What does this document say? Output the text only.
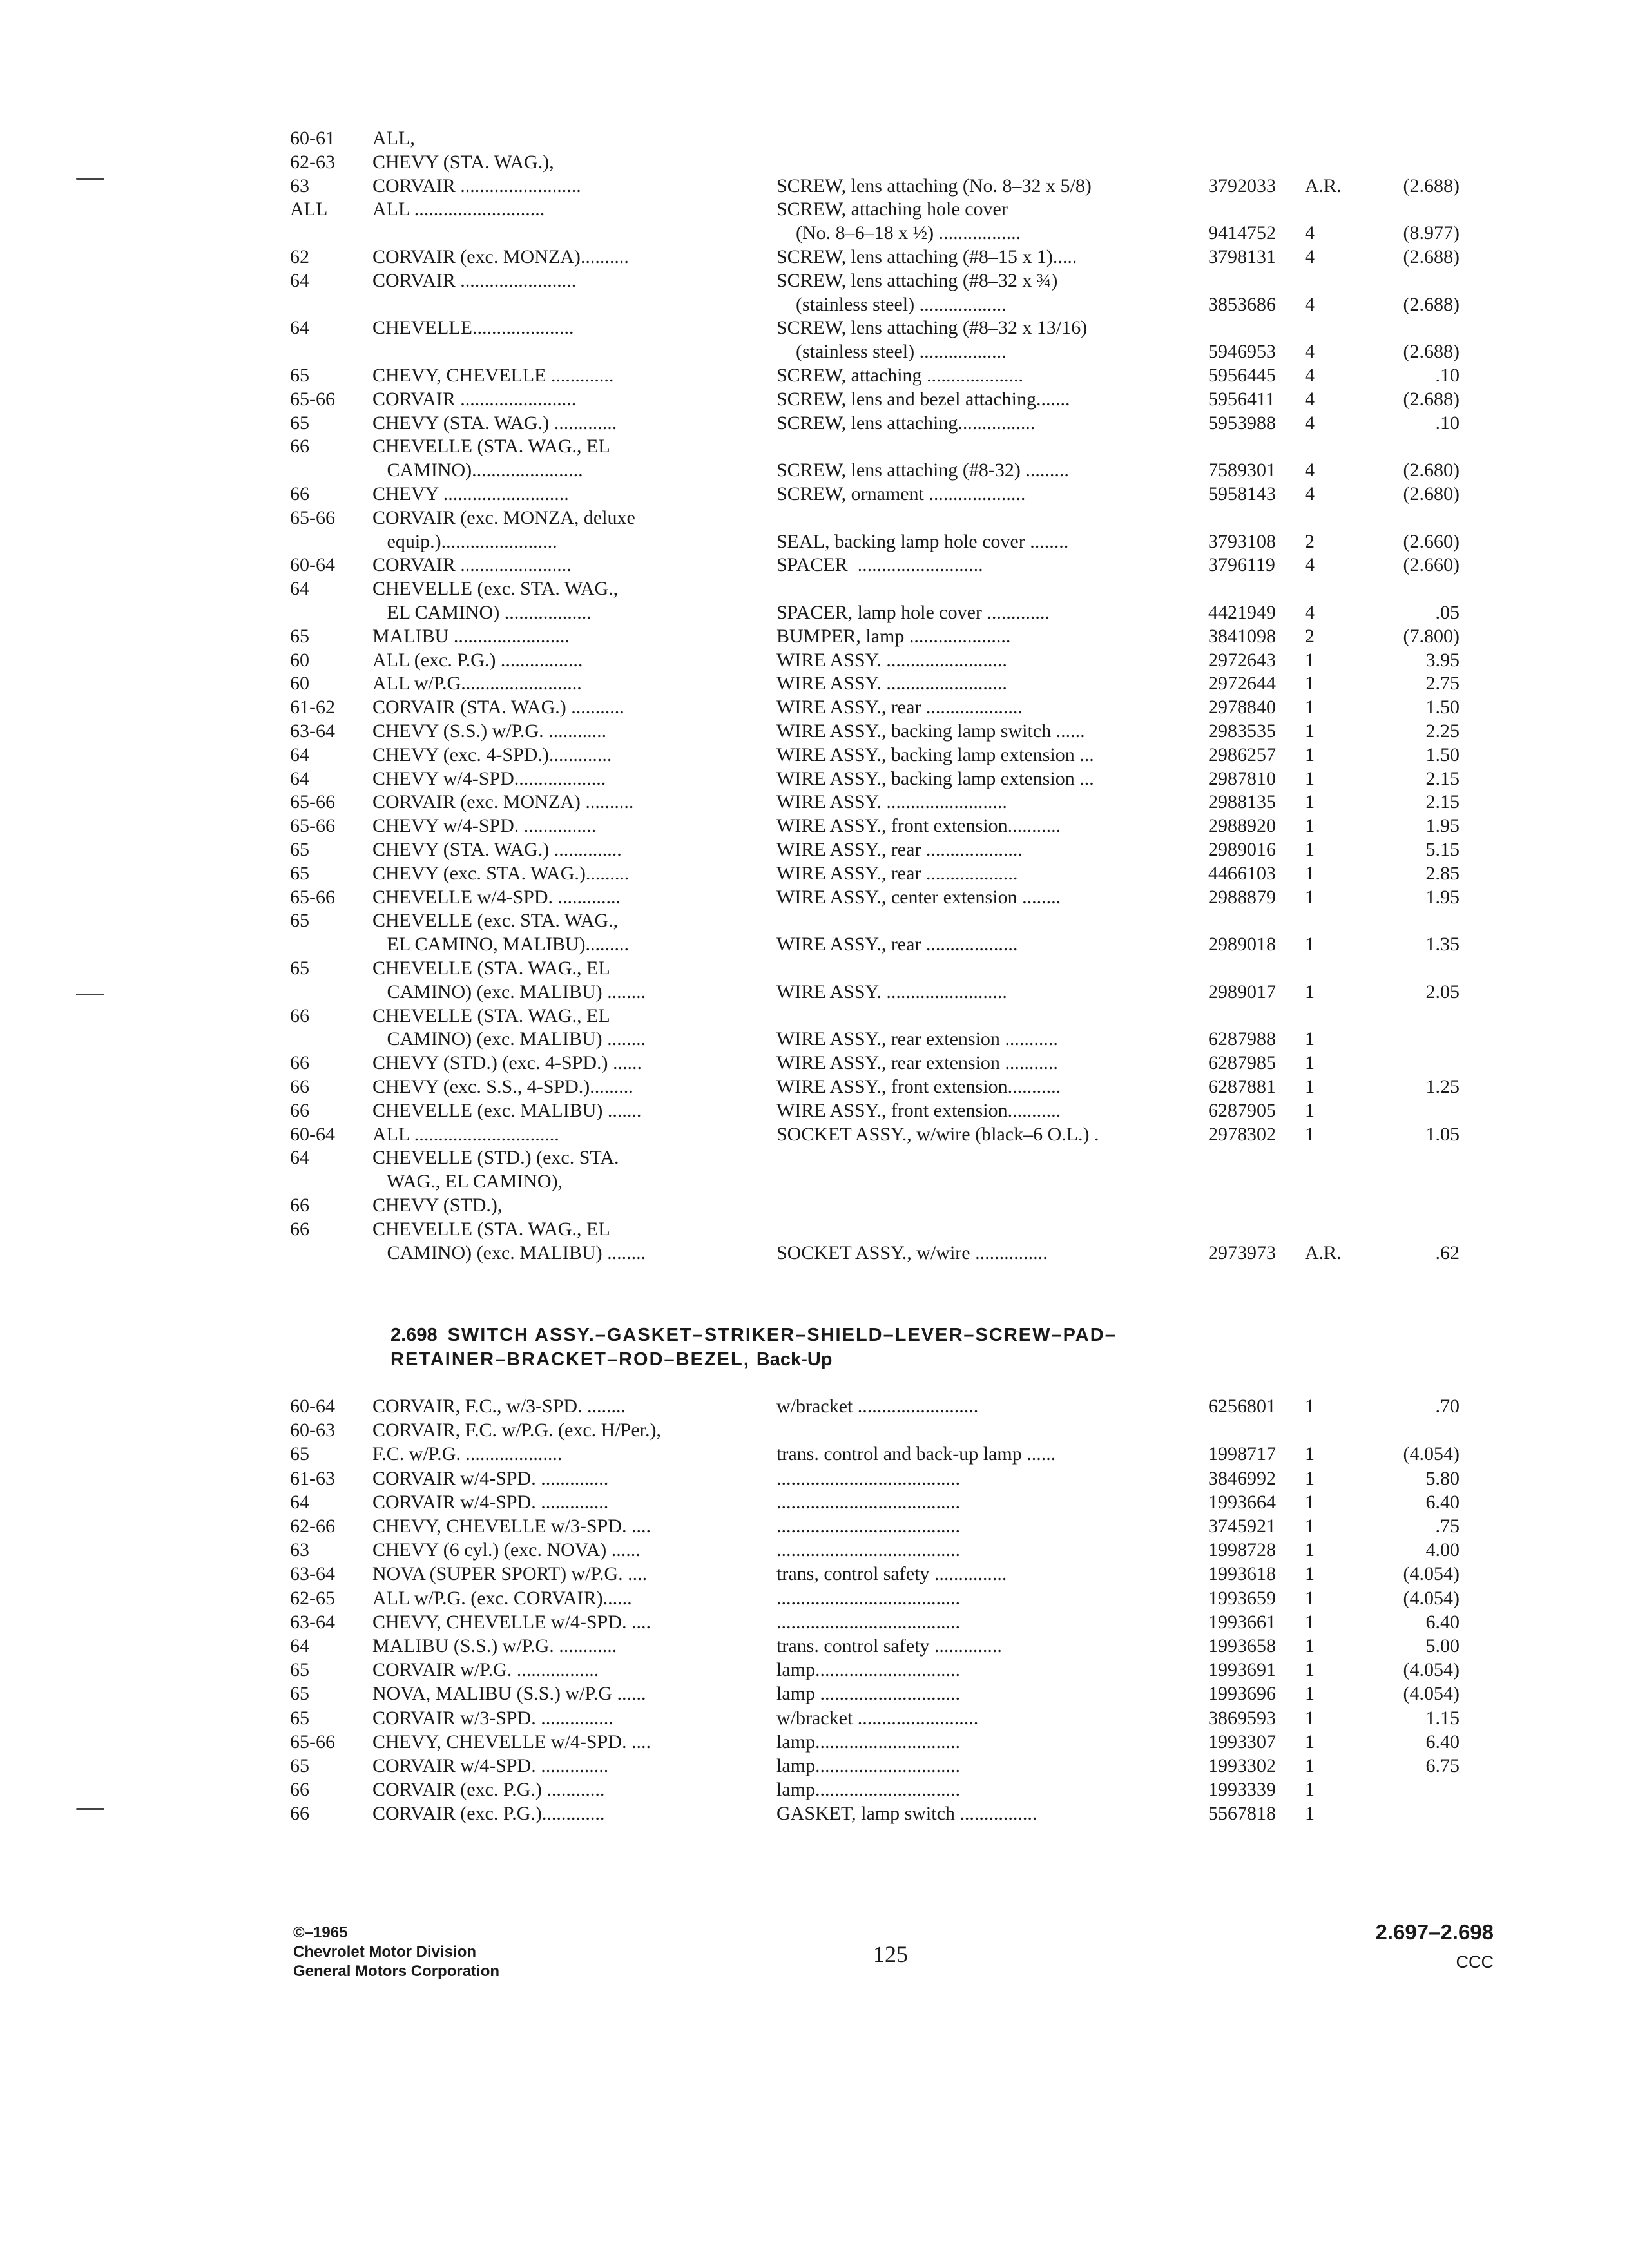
60-61	ALL,
62-63	CHEVY (STA. WAG.),
63	CORVAIR .........................	SCREW, lens attaching (No. 8–32 x 5/8)	3792033	A.R.	(2.688)
ALL	ALL ...........................	SCREW, attaching hole cover
(No. 8–6–18 x ½) .................	9414752	4	(8.977)
62	CORVAIR (exc. MONZA)..........	SCREW, lens attaching (#8–15 x 1).....	3798131	4	(2.688)
64	CORVAIR ........................	SCREW, lens attaching (#8–32 x ¾)
(stainless steel) ..................	3853686	4	(2.688)
64	CHEVELLE.....................	SCREW, lens attaching (#8–32 x 13/16)
(stainless steel) ..................	5946953	4	(2.688)
65	CHEVY, CHEVELLE .............	SCREW, attaching ....................	5956445	4	.10
65-66	CORVAIR ........................	SCREW, lens and bezel attaching.......	5956411	4	(2.688)
65	CHEVY (STA. WAG.) .............	SCREW, lens attaching................	5953988	4	.10
66	CHEVELLE (STA. WAG., EL
CAMINO).......................	SCREW, lens attaching (#8-32) .........	7589301	4	(2.680)
66	CHEVY ..........................	SCREW, ornament ....................	5958143	4	(2.680)
65-66	CORVAIR (exc. MONZA, deluxe
equip.)........................	SEAL, backing lamp hole cover ........	3793108	2	(2.660)
60-64	CORVAIR .......................	SPACER  ..........................	3796119	4	(2.660)
64	CHEVELLE (exc. STA. WAG.,
EL CAMINO) ..................	SPACER, lamp hole cover .............	4421949	4	.05
65	MALIBU ........................	BUMPER, lamp .....................	3841098	2	(7.800)
60	ALL (exc. P.G.) .................	WIRE ASSY. .........................	2972643	1	3.95
60	ALL w/P.G.........................	WIRE ASSY. .........................	2972644	1	2.75
61-62	CORVAIR (STA. WAG.) ...........	WIRE ASSY., rear ....................	2978840	1	1.50
63-64	CHEVY (S.S.) w/P.G. ............	WIRE ASSY., backing lamp switch ......	2983535	1	2.25
64	CHEVY (exc. 4-SPD.).............	WIRE ASSY., backing lamp extension ...	2986257	1	1.50
64	CHEVY w/4-SPD...................	WIRE ASSY., backing lamp extension ...	2987810	1	2.15
65-66	CORVAIR (exc. MONZA) ..........	WIRE ASSY. .........................	2988135	1	2.15
65-66	CHEVY w/4-SPD. ...............	WIRE ASSY., front extension...........	2988920	1	1.95
65	CHEVY (STA. WAG.) ..............	WIRE ASSY., rear ....................	2989016	1	5.15
65	CHEVY (exc. STA. WAG.).........	WIRE ASSY., rear ...................	4466103	1	2.85
65-66	CHEVELLE w/4-SPD. .............	WIRE ASSY., center extension ........	2988879	1	1.95
65	CHEVELLE (exc. STA. WAG.,
EL CAMINO, MALIBU).........	WIRE ASSY., rear ...................	2989018	1	1.35
65	CHEVELLE (STA. WAG., EL
CAMINO) (exc. MALIBU) ........	WIRE ASSY. .........................	2989017	1	2.05
66	CHEVELLE (STA. WAG., EL
CAMINO) (exc. MALIBU) ........	WIRE ASSY., rear extension ...........	6287988	1
66	CHEVY (STD.) (exc. 4-SPD.) ......	WIRE ASSY., rear extension ...........	6287985	1
66	CHEVY (exc. S.S., 4-SPD.).........	WIRE ASSY., front extension...........	6287881	1	1.25
66	CHEVELLE (exc. MALIBU) .......	WIRE ASSY., front extension...........	6287905	1
60-64	ALL ..............................	SOCKET ASSY., w/wire (black–6 O.L.) .	2978302	1	1.05
64	CHEVELLE (STD.) (exc. STA.
WAG., EL CAMINO),
66	CHEVY (STD.),
66	CHEVELLE (STA. WAG., EL
CAMINO) (exc. MALIBU) ........	SOCKET ASSY., w/wire ...............	2973973	A.R.	.62
2.698 SWITCH ASSY.–GASKET–STRIKER–SHIELD–LEVER–SCREW–PAD–
RETAINER–BRACKET–ROD–BEZEL, Back-Up
60-64	CORVAIR, F.C., w/3-SPD. ........	w/bracket .........................	6256801	1	.70
60-63	CORVAIR, F.C. w/P.G. (exc. H/Per.),
65	F.C. w/P.G. ....................	trans. control and back-up lamp ......	1998717	1	(4.054)
61-63	CORVAIR w/4-SPD. ..............	......................................	3846992	1	5.80
64	CORVAIR w/4-SPD. ..............	......................................	1993664	1	6.40
62-66	CHEVY, CHEVELLE w/3-SPD. ....	......................................	3745921	1	.75
63	CHEVY (6 cyl.) (exc. NOVA) ......	......................................	1998728	1	4.00
63-64	NOVA (SUPER SPORT) w/P.G. ....	trans, control safety ...............	1993618	1	(4.054)
62-65	ALL w/P.G. (exc. CORVAIR)......	......................................	1993659	1	(4.054)
63-64	CHEVY, CHEVELLE w/4-SPD. ....	......................................	1993661	1	6.40
64	MALIBU (S.S.) w/P.G. ............	trans. control safety ..............	1993658	1	5.00
65	CORVAIR w/P.G. .................	lamp..............................	1993691	1	(4.054)
65	NOVA, MALIBU (S.S.) w/P.G ......	lamp .............................	1993696	1	(4.054)
65	CORVAIR w/3-SPD. ...............	w/bracket .........................	3869593	1	1.15
65-66	CHEVY, CHEVELLE w/4-SPD. ....	lamp..............................	1993307	1	6.40
65	CORVAIR w/4-SPD. ..............	lamp..............................	1993302	1	6.75
66	CORVAIR (exc. P.G.) ............	lamp..............................	1993339	1
66	CORVAIR (exc. P.G.).............	GASKET, lamp switch ................	5567818	1
©–1965
Chevrolet Motor Division
General Motors Corporation
125
2.697–2.698
CCC
